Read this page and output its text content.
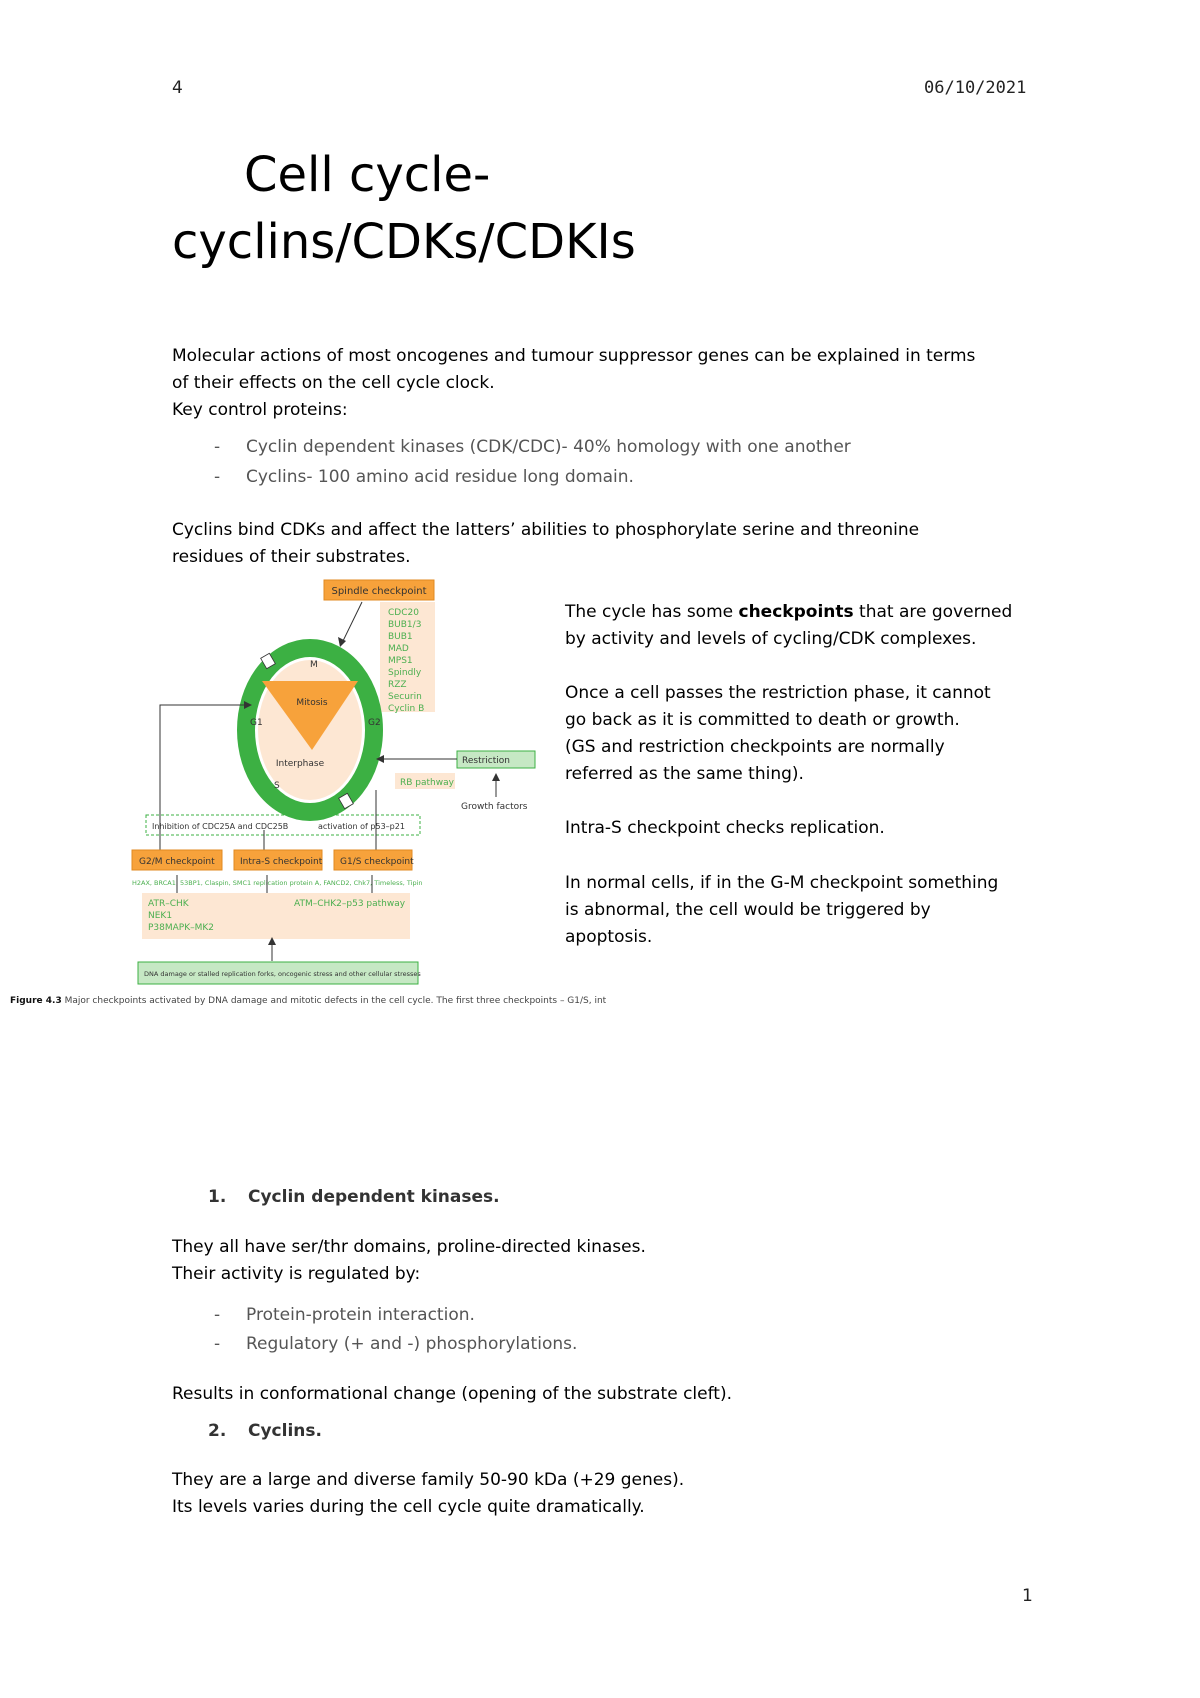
4	06/10/2021
Cell cycle-
cyclins/CDKs/CDKIs
Molecular actions of most oncogenes and tumour suppressor genes can be explained in terms
of their effects on the cell cycle clock.
Key control proteins:
- Cyclin dependent kinases (CDK/CDC)- 40% homology with one another
- Cyclins- 100 amino acid residue long domain.
Cyclins bind CDKs and affect the latters’ abilities to phosphorylate serine and threonine
residues of their substrates.
Spindle checkpoint
CDC20
BUB1/3
BUB1
MAD
MPS1
Spindly
RZZ
Securin
Cyclin B
Mitosis
Interphase
M
G1	G2
S
Restriction
RB pathway
Growth factors
Inhibition of CDC25A and CDC25B	activation of p53–p21
G2/M checkpoint	Intra-S checkpoint G1/S checkpoint
H2AX, BRCA1, 53BP1, Claspin, SMC1 replication protein A, FANCD2, Chk7, Timeless, Tipin
ATR–CHK
NEK1
P38MAPK–MK2
ATM–CHK2–p53 pathway
DNA damage or stalled replication forks, oncogenic stress and other cellular stresses
Figure 4.3 Major checkpoints activated by DNA damage and mitotic defects in the cell cycle. The first three checkpoints – G1/S, int
The cycle has some checkpoints that are governed
by activity and levels of cycling/CDK complexes.
Once a cell passes the restriction phase, it cannot
go back as it is committed to death or growth.
(GS and restriction checkpoints are normally
referred as the same thing).
Intra-S checkpoint checks replication.
In normal cells, if in the G-M checkpoint something
is abnormal, the cell would be triggered by
apoptosis.
1. Cyclin dependent kinases.
They all have ser/thr domains, proline-directed kinases.
Their activity is regulated by:
- Protein-protein interaction.
- Regulatory (+ and -) phosphorylations.
Results in conformational change (opening of the substrate cleft).
2. Cyclins.
They are a large and diverse family 50-90 kDa (+29 genes).
Its levels varies during the cell cycle quite dramatically.
1
